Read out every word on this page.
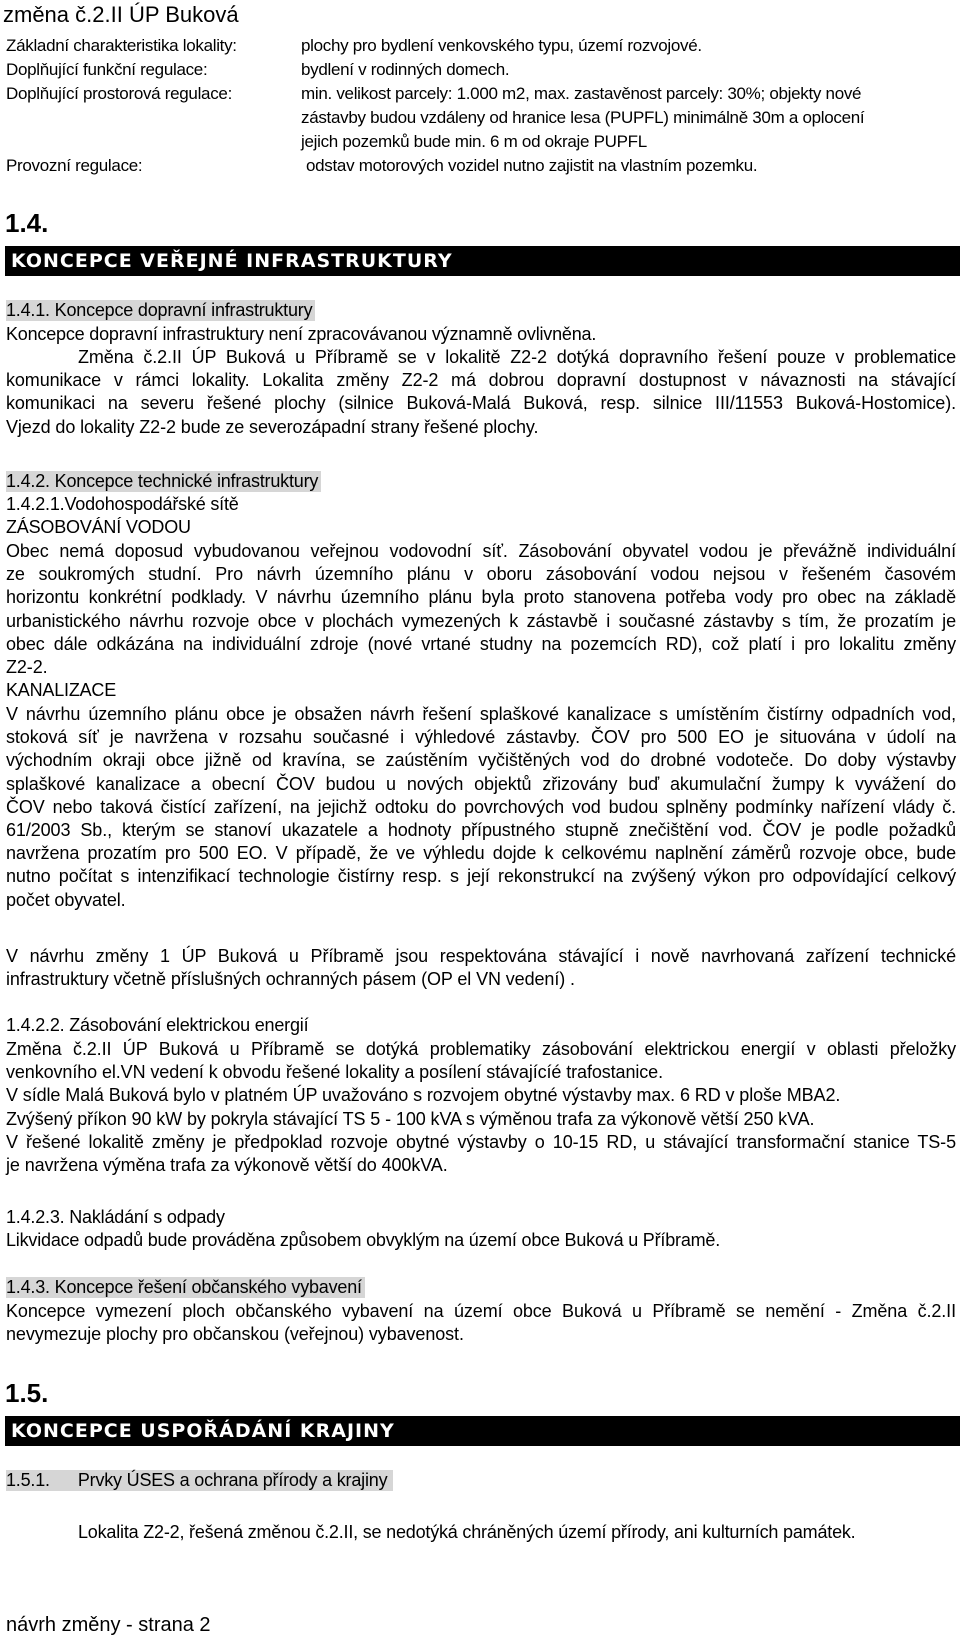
změna č.2.II ÚP Buková
Základní charakteristika lokality:	plochy pro bydlení venkovského typu, území rozvojové.
Doplňující funkční regulace:	bydlení v rodinných domech.
Doplňující prostorová regulace:	min. velikost parcely: 1.000 m2, max. zastavěnost parcely: 30%; objekty nové
zástavby budou vzdáleny od hranice lesa (PUPFL) minimálně 30m a oplocení
jejich pozemků bude min. 6 m od okraje PUPFL
Provozní regulace:	odstav motorových vozidel nutno zajistit na vlastním pozemku.
1.4.
KONCEPCE VEŘEJNÉ INFRASTRUKTURY
1.4.1. Koncepce dopravní infrastruktury
Koncepce dopravní infrastruktury není zpracovávanou významně ovlivněna.
Změna č.2.II ÚP Buková u Příbramě se v lokalitě Z2-2 dotýká dopravního řešení pouze v problematice
komunikace v rámci lokality. Lokalita změny Z2-2 má dobrou dopravní dostupnost v návaznosti na stávající
komunikaci na severu řešené plochy (silnice Buková-Malá Buková, resp. silnice III/11553 Buková-Hostomice).
Vjezd do lokality Z2-2 bude ze severozápadní strany řešené plochy.
1.4.2. Koncepce technické infrastruktury
1.4.2.1.Vodohospodářské sítě
ZÁSOBOVÁNÍ VODOU
Obec nemá doposud vybudovanou veřejnou vodovodní síť. Zásobování obyvatel vodou je převážně individuální
ze soukromých studní. Pro návrh územního plánu v oboru zásobování vodou nejsou v řešeném časovém
horizontu konkrétní podklady. V návrhu územního plánu byla proto stanovena potřeba vody pro obec na základě
urbanistického návrhu rozvoje obce v plochách vymezených k zástavbě i současné zástavby s tím, že prozatím je
obec dále odkázána na individuální zdroje (nové vrtané studny na pozemcích RD), což platí i pro lokalitu změny
Z2-2.
KANALIZACE
V návrhu územního plánu obce je obsažen návrh řešení splaškové kanalizace s umístěním čistírny odpadních vod,
stoková síť je navržena v rozsahu současné i výhledové zástavby. ČOV pro 500 EO je situována v údolí na
východním okraji obce jižně od kravína, se zaústěním vyčištěných vod do drobné vodoteče. Do doby výstavby
splaškové kanalizace a obecní ČOV budou u nových objektů zřizovány buď akumulační žumpy k vyvážení do
ČOV nebo taková čistící zařízení, na jejichž odtoku do povrchových vod budou splněny podmínky nařízení vlády č.
61/2003 Sb., kterým se stanoví ukazatele a hodnoty přípustného stupně znečištění vod. ČOV je podle požadků
navržena prozatím pro 500 EO. V případě, že ve výhledu dojde k celkovému naplnění záměrů rozvoje obce, bude
nutno počítat s intenzifikací technologie čistírny resp. s její rekonstrukcí na zvýšený výkon pro odpovídající celkový
počet obyvatel.
V návrhu změny 1 ÚP Buková u Příbramě jsou respektována stávající i nově navrhovaná zařízení technické
infrastruktury včetně příslušných ochranných pásem (OP el VN vedení) .
1.4.2.2. Zásobování elektrickou energií
Změna č.2.II ÚP Buková u Příbramě se dotýká problematiky zásobování elektrickou energií v oblasti přeložky
venkovního el.VN vedení k obvodu řešené lokality a posílení stávajícíé trafostanice.
V sídle Malá Buková bylo v platném ÚP uvažováno s rozvojem obytné výstavby max. 6 RD v ploše MBA2.
Zvýšený příkon 90 kW by pokryla stávající TS 5 - 100 kVA s výměnou trafa za výkonově větší 250 kVA.
V řešené lokalitě změny je předpoklad rozvoje obytné výstavby o 10-15 RD, u stávající transformační stanice TS-5
je navržena výměna trafa za výkonově větší do 400kVA.
1.4.2.3. Nakládání s odpady
Likvidace odpadů bude prováděna způsobem obvyklým na území obce Buková u Příbramě.
1.4.3. Koncepce řešení občanského vybavení
Koncepce vymezení ploch občanského vybavení na území obce Buková u Příbramě se nemění - Změna č.2.II
nevymezuje plochy pro občanskou (veřejnou) vybavenost.
1.5.
KONCEPCE USPOŘÁDÁNÍ KRAJINY
1.5.1. Prvky ÚSES a ochrana přírody a krajiny
Lokalita Z2-2, řešená změnou č.2.II, se nedotýká chráněných území přírody, ani kulturních památek.
návrh změny - strana 2
